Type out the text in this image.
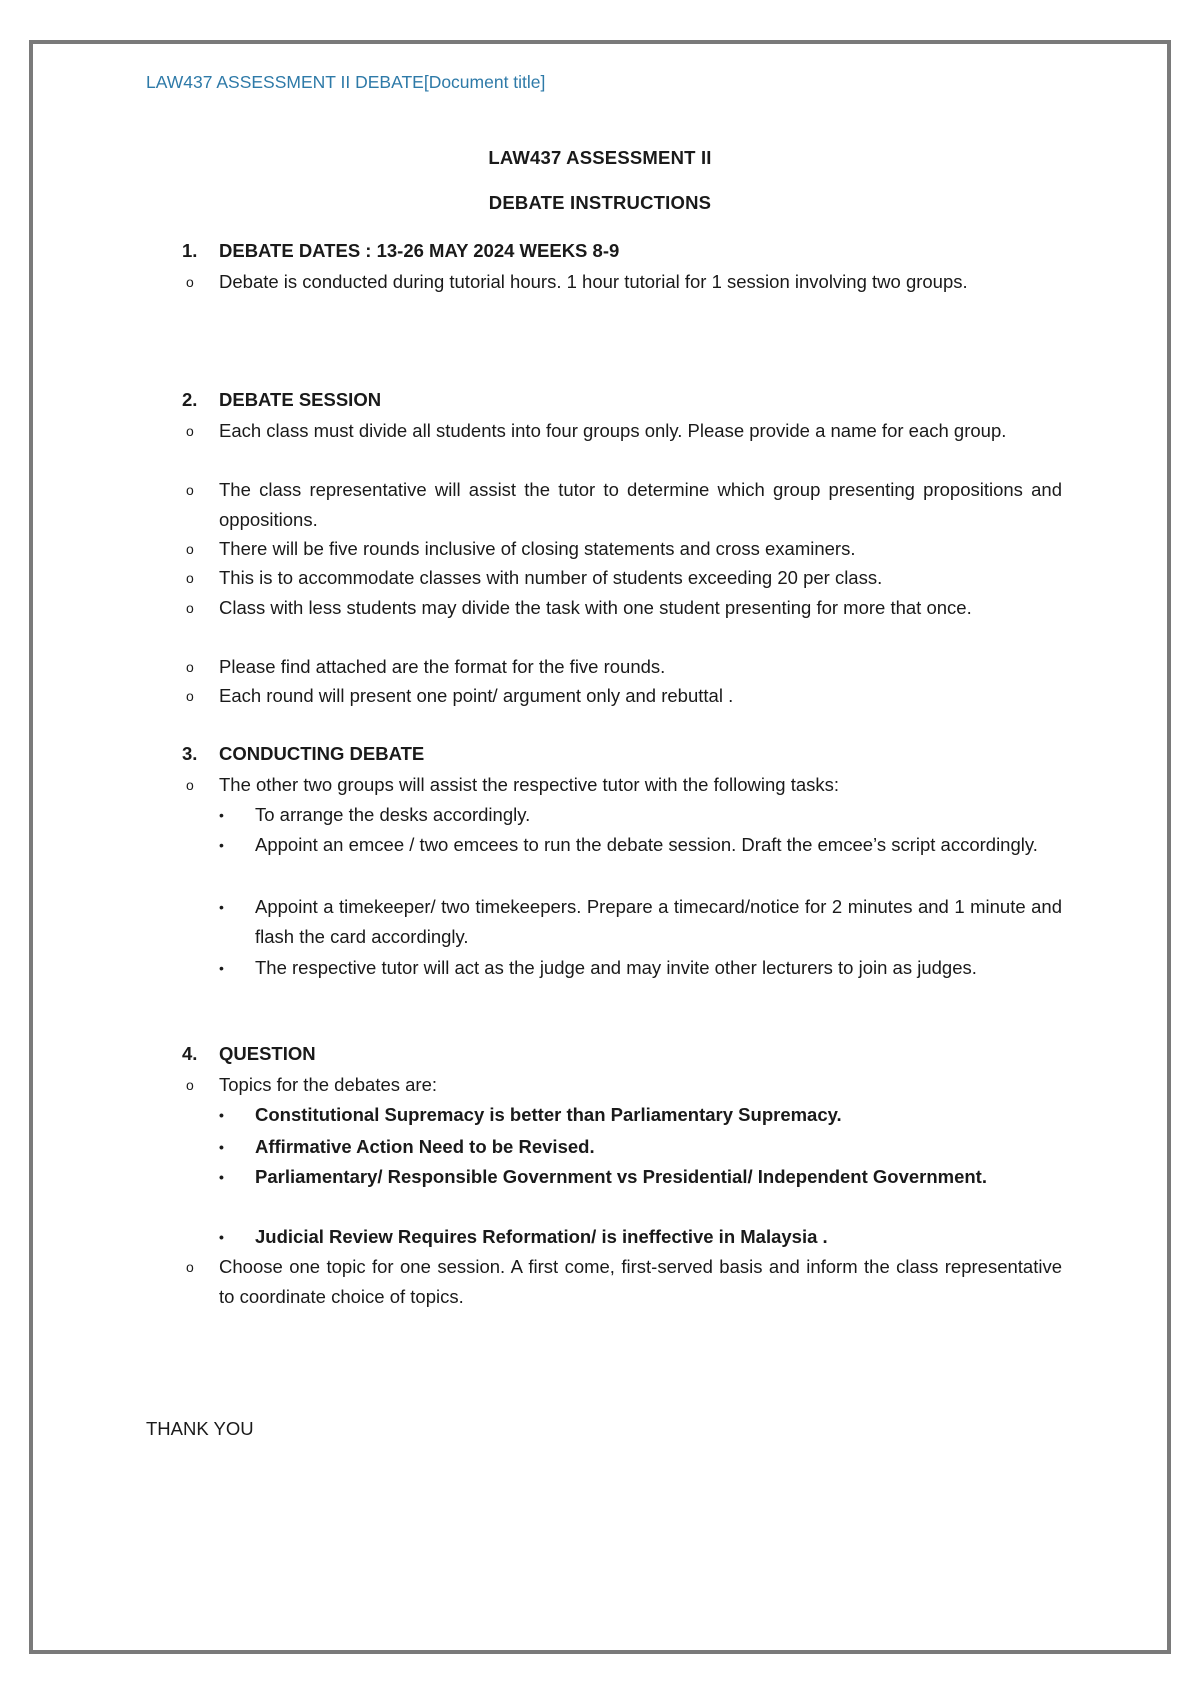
LAW437 ASSESSMENT II DEBATE[Document title]
LAW437 ASSESSMENT II
DEBATE INSTRUCTIONS
1. DEBATE DATES : 13-26 MAY 2024 WEEKS 8-9
o Debate is conducted during tutorial hours. 1 hour tutorial for 1 session involving two groups.
2. DEBATE SESSION
o Each class must divide all students into four groups only. Please provide a name for each group.
o The class representative will assist the tutor to determine which group presenting propositions and oppositions.
o There will be five rounds inclusive of closing statements and cross examiners.
o This is to accommodate classes with number of students exceeding 20 per class.
o Class with less students may divide the task with one student presenting for more that once.
o Please find attached are the format for the five rounds.
o Each round will present one point/ argument only and rebuttal .
3. CONDUCTING DEBATE
o The other two groups will assist the respective tutor with the following tasks:
• To arrange the desks accordingly.
• Appoint an emcee / two emcees to run the debate session. Draft the emcee’s script accordingly.
• Appoint a timekeeper/ two timekeepers. Prepare a timecard/notice for 2 minutes and 1 minute and flash the card accordingly.
• The respective tutor will act as the judge and may invite other lecturers to join as judges.
4. QUESTION
o Topics for the debates are:
• Constitutional Supremacy is better than Parliamentary Supremacy.
• Affirmative Action Need to be Revised.
• Parliamentary/ Responsible Government vs Presidential/ Independent Government.
• Judicial Review Requires Reformation/ is ineffective in Malaysia .
o Choose one topic for one session. A first come, first-served basis and inform the class representative to coordinate choice of topics.
THANK YOU
